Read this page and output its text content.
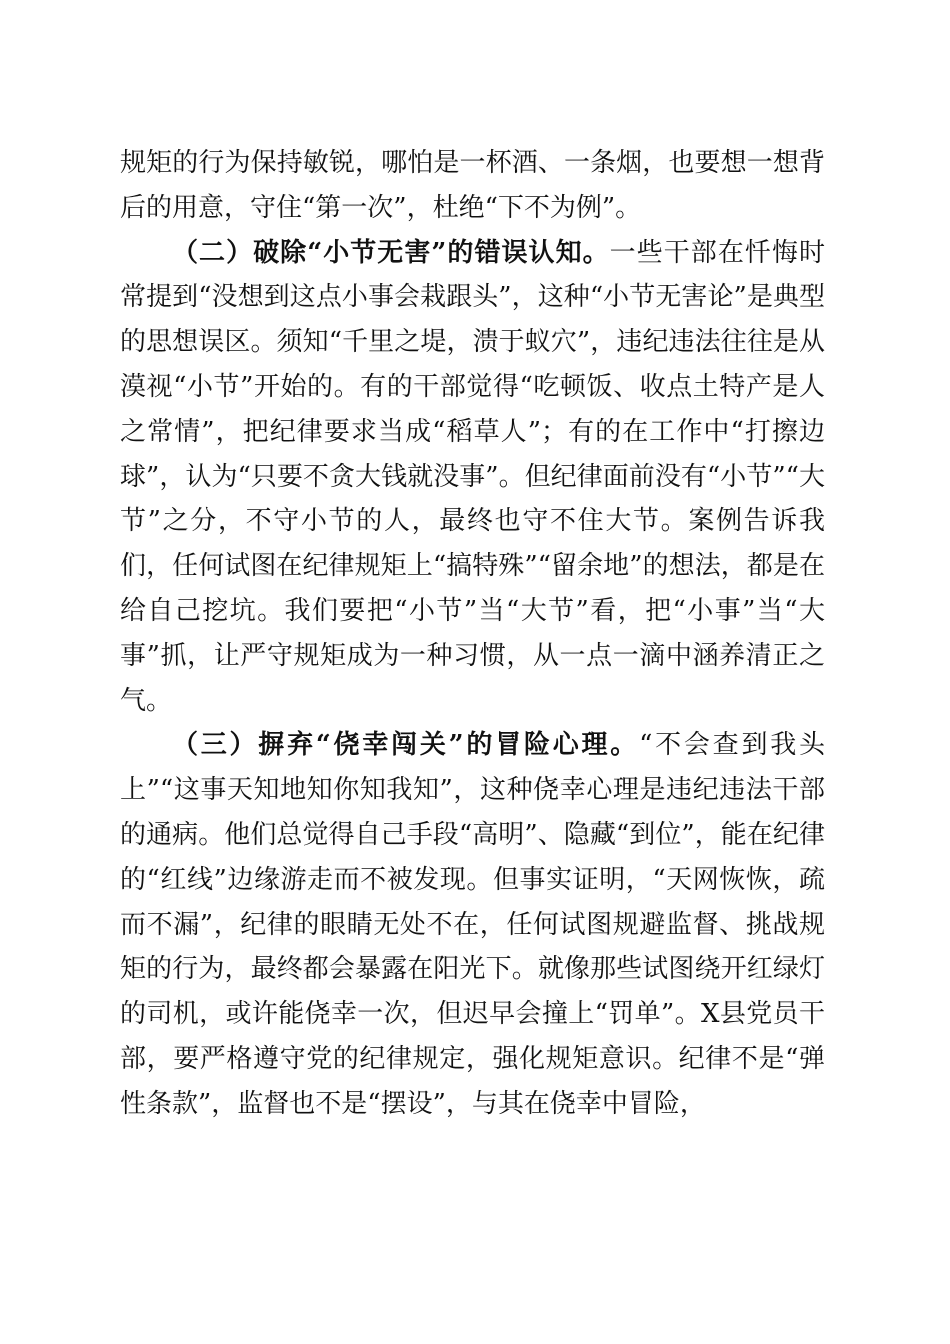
规矩的行为保持敏锐，哪怕是一杯酒、一条烟，也要想一想背后的用意，守住“第一次”，杜绝“下不为例”。

（二）破除“小节无害”的错误认知。一些干部在忏悔时常提到“没想到这点小事会栽跟头”，这种“小节无害论”是典型的思想误区。须知“千里之堤，溃于蚁穴”，违纪违法往往是从漠视“小节”开始的。有的干部觉得“吃顿饭、收点土特产是人之常情”，把纪律要求当成“稻草人”；有的在工作中“打擦边球”，认为“只要不贪大钱就没事”。但纪律面前没有“小节”“大节”之分，不守小节的人，最终也守不住大节。案例告诉我们，任何试图在纪律规矩上“搞特殊”“留余地”的想法，都是在给自己挖坑。我们要把“小节”当“大节”看，把“小事”当“大事”抓，让严守规矩成为一种习惯，从一点一滴中涵养清正之气。

（三）摒弃“侥幸闯关”的冒险心理。“不会查到我头上”“这事天知地知你知我知”，这种侥幸心理是违纪违法干部的通病。他们总觉得自己手段“高明”、隐藏“到位”，能在纪律的“红线”边缘游走而不被发现。但事实证明，“天网恢恢，疏而不漏”，纪律的眼睛无处不在，任何试图规避监督、挑战规矩的行为，最终都会暴露在阳光下。就像那些试图绕开红绿灯的司机，或许能侥幸一次，但迟早会撞上“罚单”。X县党员干部，要严格遵守党的纪律规定，强化规矩意识。纪律不是“弹性条款”，监督也不是“摆设”，与其在侥幸中冒险，
